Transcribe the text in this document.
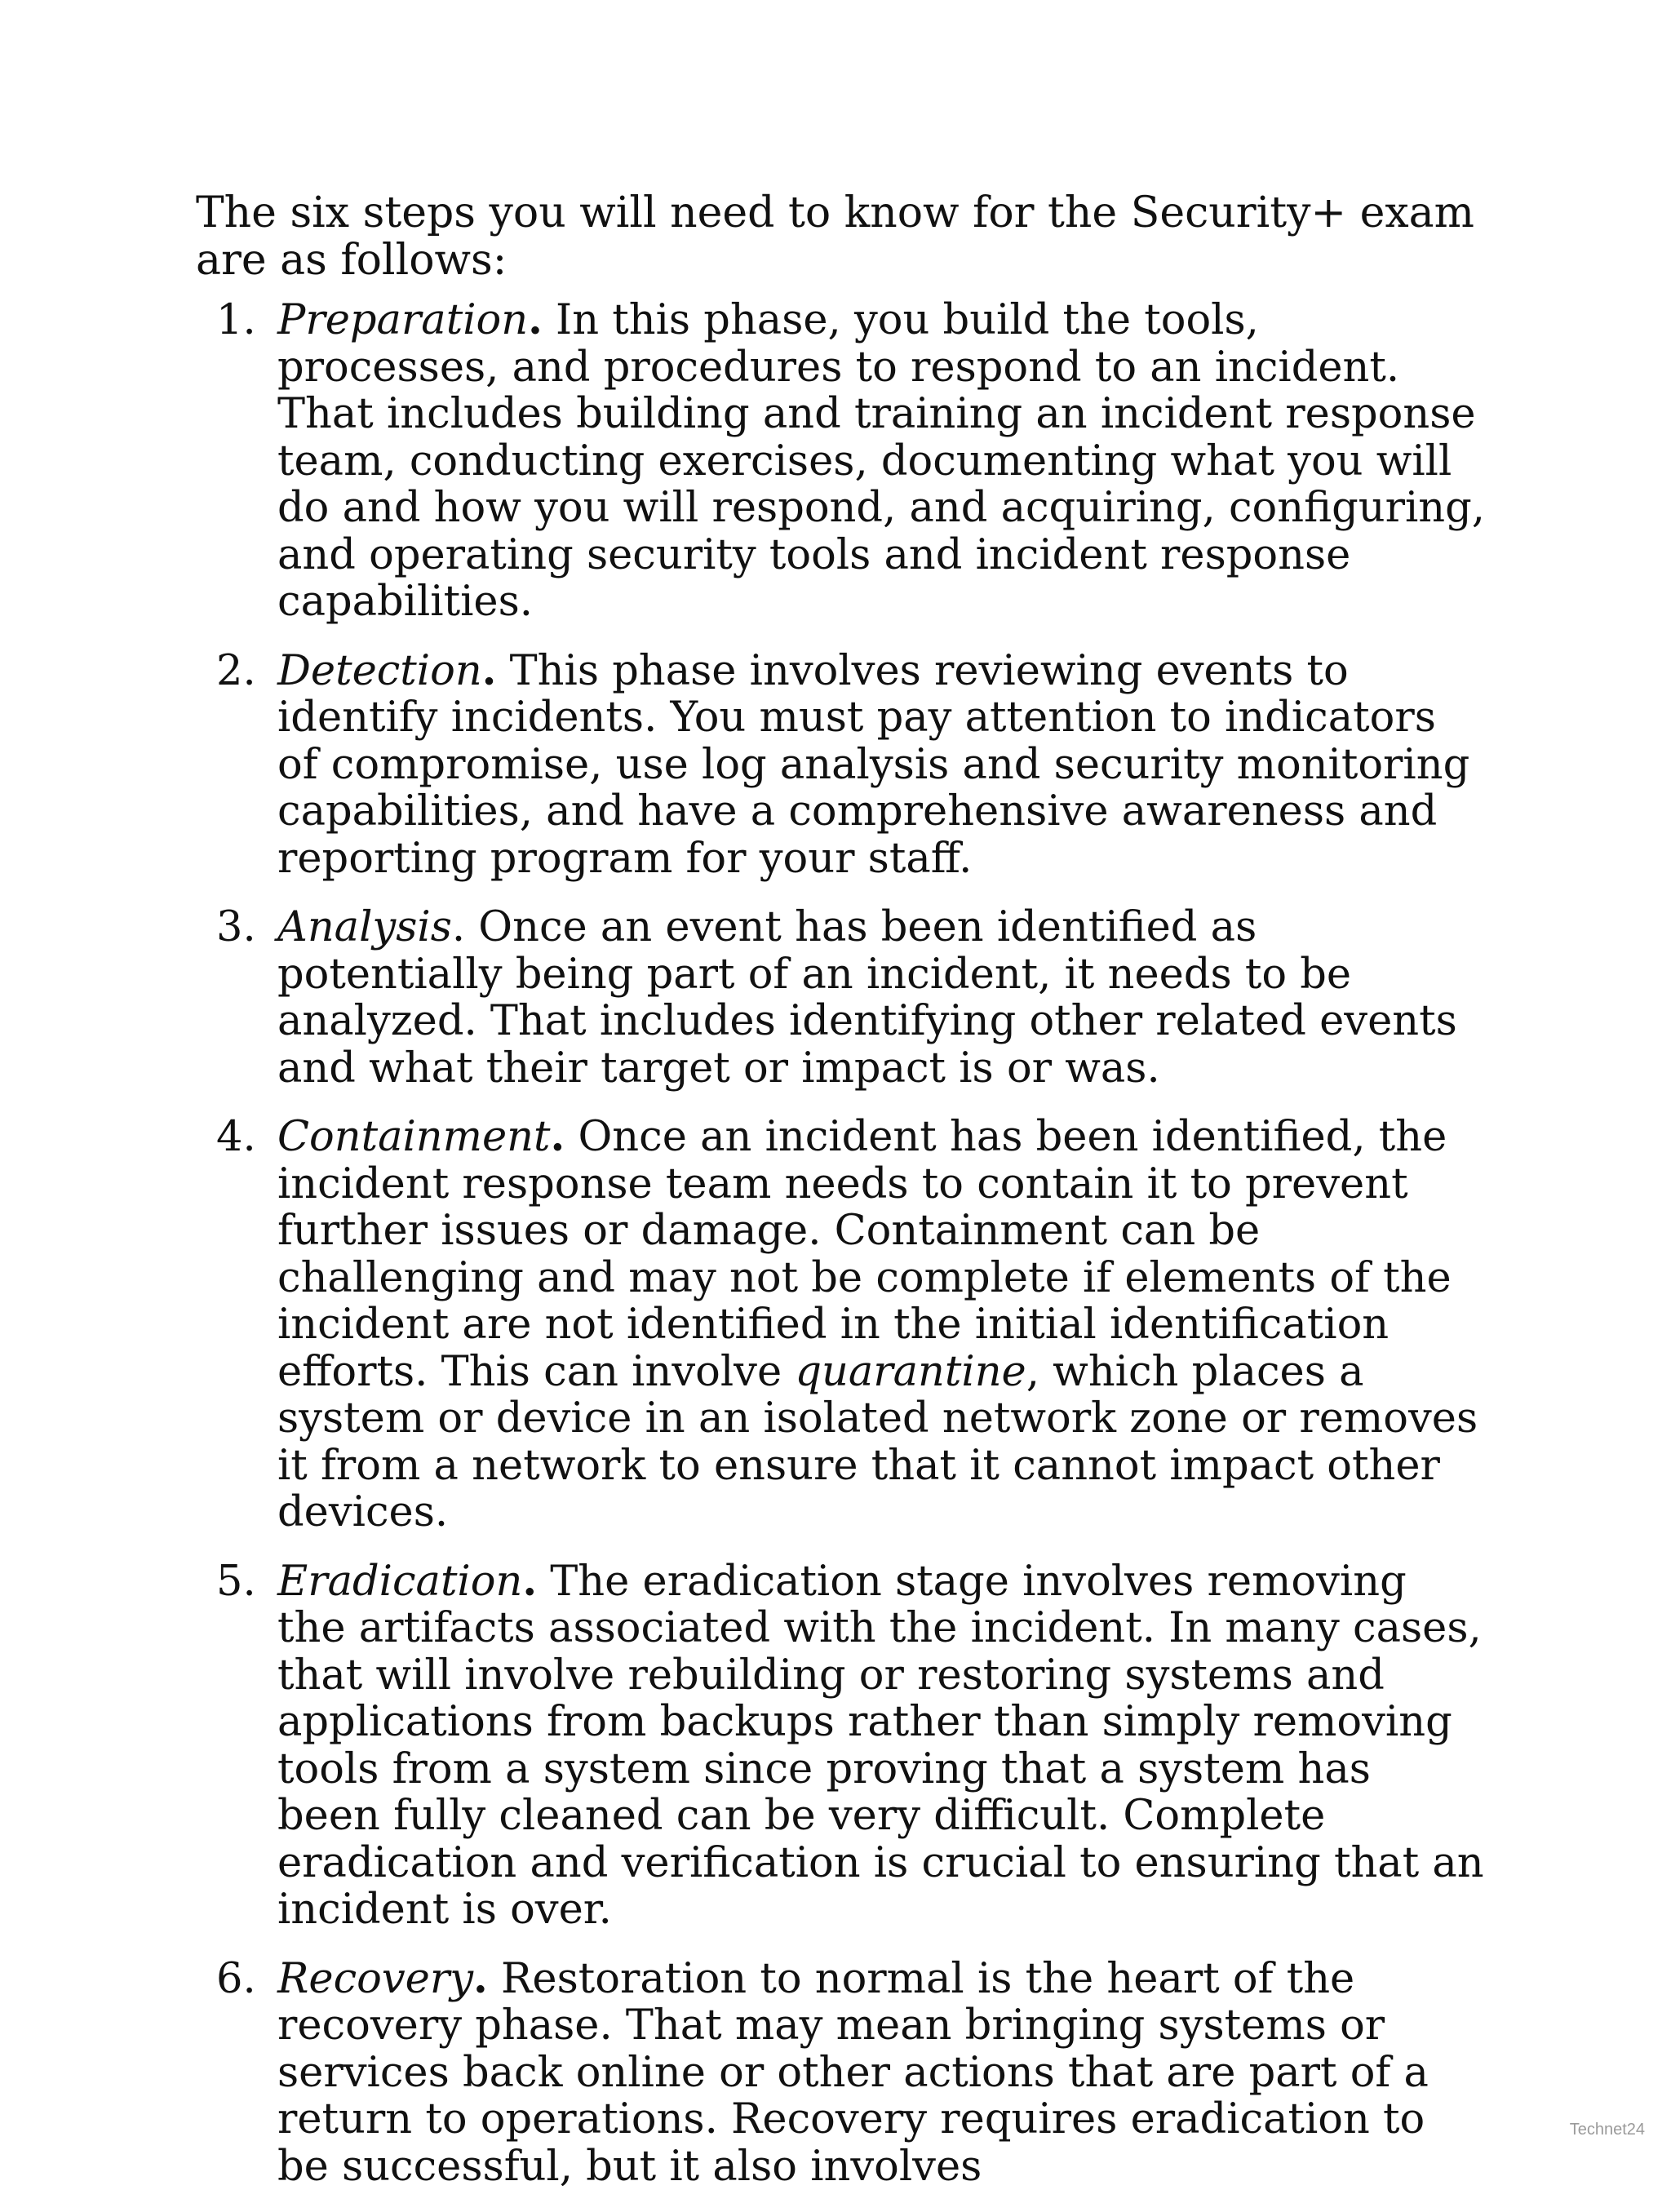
The six steps you will need to know for the Security+ exam are as follows:

1. Preparation. In this phase, you build the tools, processes, and procedures to respond to an incident. That includes building and training an incident response team, conducting exercises, documenting what you will do and how you will respond, and acquiring, configuring, and operating security tools and incident response capabilities.
2. Detection. This phase involves reviewing events to identify incidents. You must pay attention to indicators of compromise, use log analysis and security monitoring capabilities, and have a comprehensive awareness and reporting program for your staff.
3. Analysis. Once an event has been identified as potentially being part of an incident, it needs to be analyzed. That includes identifying other related events and what their target or impact is or was.
4. Containment. Once an incident has been identified, the incident response team needs to contain it to prevent further issues or damage. Containment can be challenging and may not be complete if elements of the incident are not identified in the initial identification efforts. This can involve quarantine, which places a system or device in an isolated network zone or removes it from a network to ensure that it cannot impact other devices.
5. Eradication. The eradication stage involves removing the artifacts associated with the incident. In many cases, that will involve rebuilding or restoring systems and applications from backups rather than simply removing tools from a system since proving that a system has been fully cleaned can be very difficult. Complete eradication and verification is crucial to ensuring that an incident is over.
6. Recovery. Restoration to normal is the heart of the recovery phase. That may mean bringing systems or services back online or other actions that are part of a return to operations. Recovery requires eradication to be successful, but it also involves
Technet24
